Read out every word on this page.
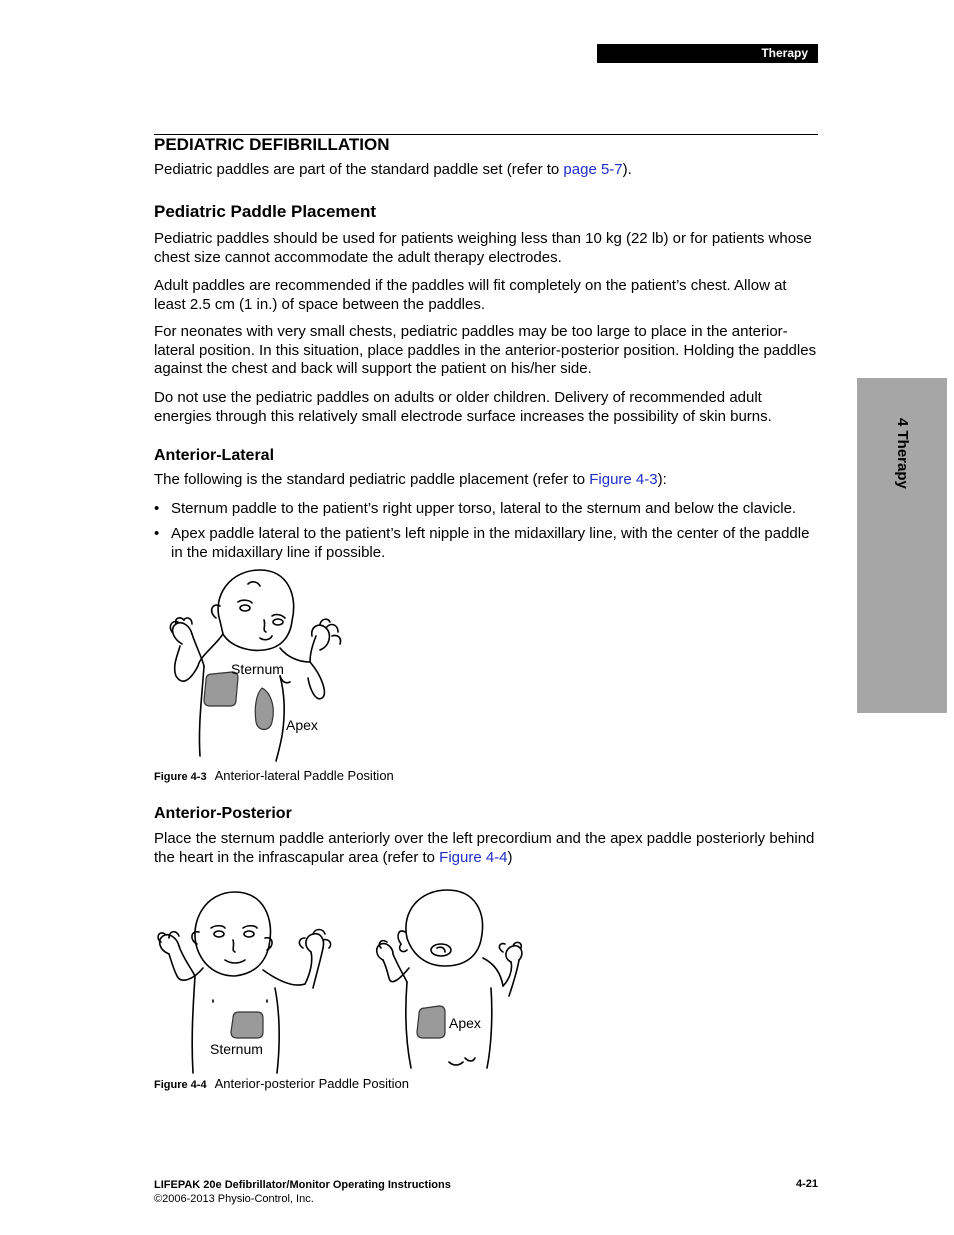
Therapy
4 Therapy
PEDIATRIC DEFIBRILLATION
Pediatric paddles are part of the standard paddle set (refer to page 5-7).
Pediatric Paddle Placement
Pediatric paddles should be used for patients weighing less than 10 kg (22 lb) or for patients whose chest size cannot accommodate the adult therapy electrodes.
Adult paddles are recommended if the paddles will fit completely on the patient’s chest. Allow at least 2.5 cm (1 in.) of space between the paddles.
For neonates with very small chests, pediatric paddles may be too large to place in the anterior-lateral position. In this situation, place paddles in the anterior-posterior position. Holding the paddles against the chest and back will support the patient on his/her side.
Do not use the pediatric paddles on adults or older children. Delivery of recommended adult energies through this relatively small electrode surface increases the possibility of skin burns.
Anterior-Lateral
The following is the standard pediatric paddle placement (refer to Figure 4-3):
• Sternum paddle to the patient’s right upper torso, lateral to the sternum and below the clavicle.
• Apex paddle lateral to the patient’s left nipple in the midaxillary line, with the center of the paddle in the midaxillary line if possible.
Sternum
Apex
Figure 4-3 Anterior-lateral Paddle Position
Anterior-Posterior
Place the sternum paddle anteriorly over the left precordium and the apex paddle posteriorly behind the heart in the infrascapular area (refer to Figure 4-4)
Sternum
Apex
Figure 4-4 Anterior-posterior Paddle Position
LIFEPAK 20e Defibrillator/Monitor Operating Instructions
©2006-2013 Physio-Control, Inc.
4-21
